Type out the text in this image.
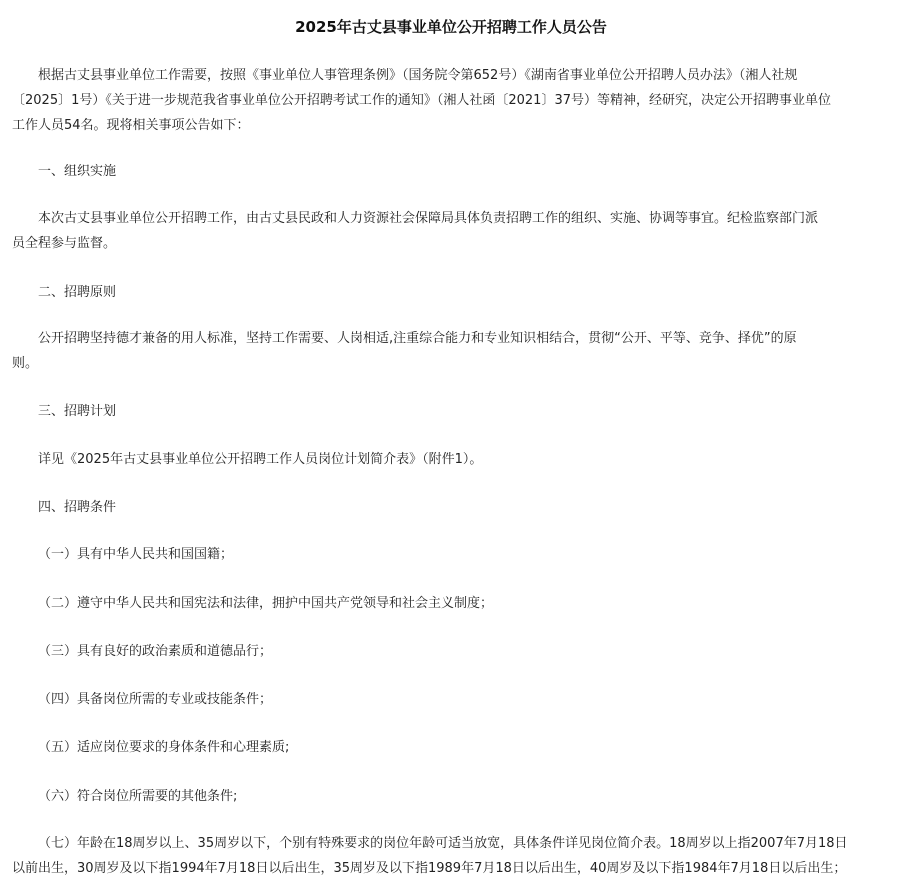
2025年古丈县事业单位公开招聘工作人员公告

根据古丈县事业单位工作需要，按照《事业单位人事管理条例》（国务院令第652号）《湖南省事业单位公开招聘人员办法》（湘人社规

〔2025〕1号）《关于进一步规范我省事业单位公开招聘考试工作的通知》（湘人社函〔2021〕37号）等精神，经研究，决定公开招聘事业单位

工作人员54名。现将相关事项公告如下：

一、组织实施

本次古丈县事业单位公开招聘工作，由古丈县民政和人力资源社会保障局具体负责招聘工作的组织、实施、协调等事宜。纪检监察部门派

员全程参与监督。

二、招聘原则

公开招聘坚持德才兼备的用人标准，坚持工作需要、人岗相适,注重综合能力和专业知识相结合，贯彻“公开、平等、竞争、择优”的原

则。

三、招聘计划

详见《2025年古丈县事业单位公开招聘工作人员岗位计划简介表》（附件1）。

四、招聘条件

（一）具有中华人民共和国国籍；

（二）遵守中华人民共和国宪法和法律，拥护中国共产党领导和社会主义制度；

（三）具有良好的政治素质和道德品行；

（四）具备岗位所需的专业或技能条件；

（五）适应岗位要求的身体条件和心理素质;

（六）符合岗位所需要的其他条件;

（七）年龄在18周岁以上、35周岁以下，个别有特殊要求的岗位年龄可适当放宽，具体条件详见岗位简介表。18周岁以上指2007年7月18日

以前出生，30周岁及以下指1994年7月18日以后出生，35周岁及以下指1989年7月18日以后出生，40周岁及以下指1984年7月18日以后出生；
